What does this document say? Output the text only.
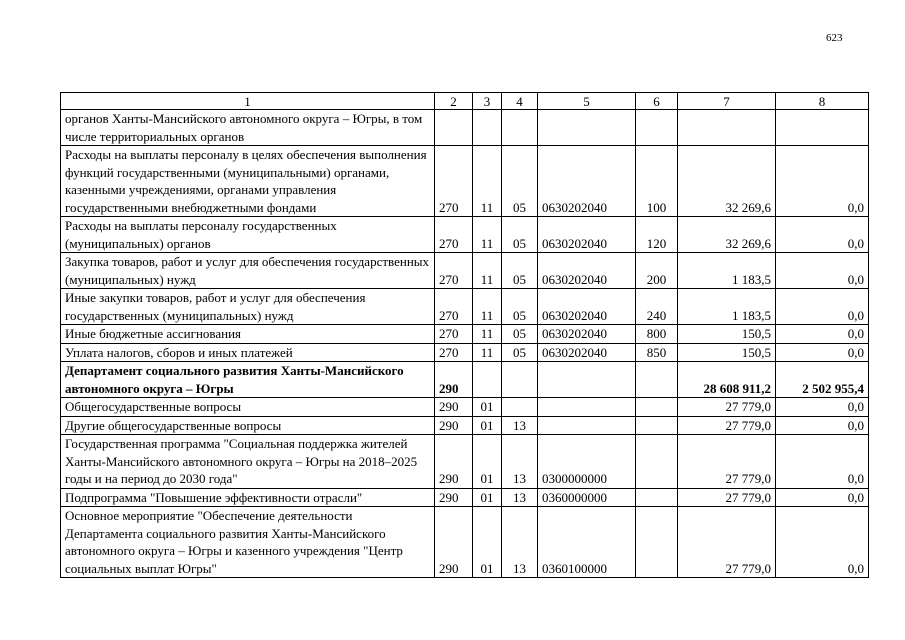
623
1	2	3	4	5	6	7	8
органов Ханты-Мансийского автономного округа – Югры, в том числе территориальных органов							
Расходы на выплаты персоналу в целях обеспечения выполнения функций государственными (муниципальными) органами, казенными учреждениями, органами управления государственными внебюджетными фондами	270	11	05	0630202040	100	32 269,6	0,0
Расходы на выплаты персоналу государственных (муниципальных) органов	270	11	05	0630202040	120	32 269,6	0,0
Закупка товаров, работ и услуг для обеспечения государственных (муниципальных) нужд	270	11	05	0630202040	200	1 183,5	0,0
Иные закупки товаров, работ и услуг для обеспечения государственных (муниципальных) нужд	270	11	05	0630202040	240	1 183,5	0,0
Иные бюджетные ассигнования	270	11	05	0630202040	800	150,5	0,0
Уплата налогов, сборов и иных платежей	270	11	05	0630202040	850	150,5	0,0
Департамент социального развития Ханты-Мансийского автономного округа – Югры	290					28 608 911,2	2 502 955,4
Общегосударственные вопросы	290	01				27 779,0	0,0
Другие общегосударственные вопросы	290	01	13			27 779,0	0,0
Государственная программа "Социальная поддержка жителей Ханты-Мансийского автономного округа – Югры на 2018–2025 годы и на период до 2030 года"	290	01	13	0300000000		27 779,0	0,0
Подпрограмма "Повышение эффективности отрасли"	290	01	13	0360000000		27 779,0	0,0
Основное мероприятие "Обеспечение деятельности Департамента социального развития Ханты-Мансийского автономного округа – Югры и казенного учреждения "Центр социальных выплат Югры"	290	01	13	0360100000		27 779,0	0,0
